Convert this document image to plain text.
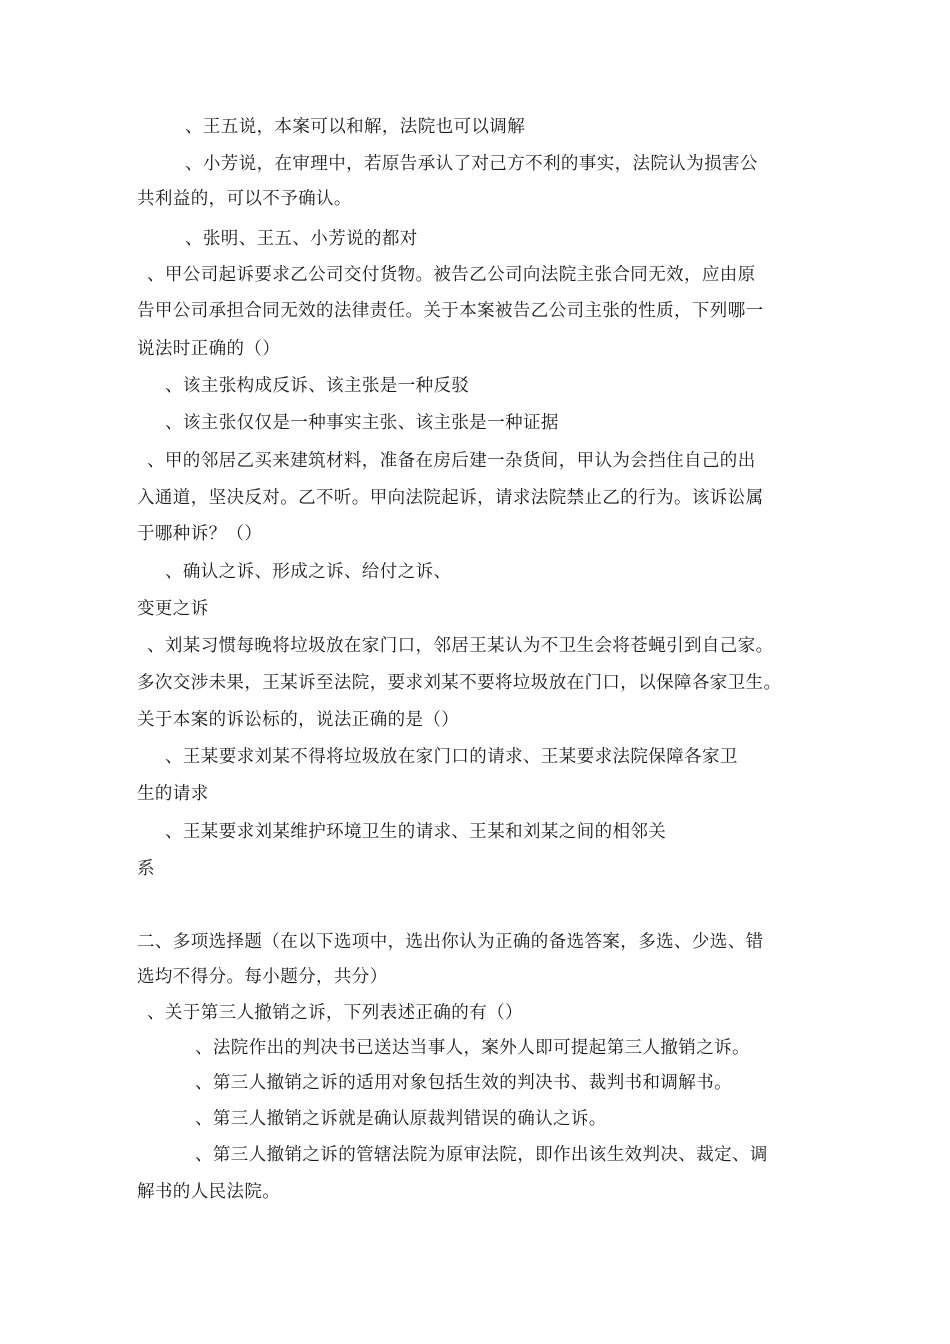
、王五说，本案可以和解，法院也可以调解
、小芳说，在审理中，若原告承认了对己方不利的事实，法院认为损害公
共利益的，可以不予确认。
、张明、王五、小芳说的都对
、甲公司起诉要求乙公司交付货物。被告乙公司向法院主张合同无效，应由原
告甲公司承担合同无效的法律责任。关于本案被告乙公司主张的性质，下列哪一
说法时正确的（）
、该主张构成反诉、该主张是一种反驳
、该主张仅仅是一种事实主张、该主张是一种证据
、甲的邻居乙买来建筑材料，准备在房后建一杂货间，甲认为会挡住自己的出
入通道，坚决反对。乙不听。甲向法院起诉，请求法院禁止乙的行为。该诉讼属
于哪种诉？（）
、确认之诉、形成之诉、给付之诉、
变更之诉
、刘某习惯每晚将垃圾放在家门口，邻居王某认为不卫生会将苍蝇引到自己家。
多次交涉未果，王某诉至法院，要求刘某不要将垃圾放在门口，以保障各家卫生。
关于本案的诉讼标的，说法正确的是（）
、王某要求刘某不得将垃圾放在家门口的请求、王某要求法院保障各家卫
生的请求
、王某要求刘某维护环境卫生的请求、王某和刘某之间的相邻关
系
二、多项选择题（在以下选项中，选出你认为正确的备选答案，多选、少选、错
选均不得分。每小题分，共分）
、关于第三人撤销之诉，下列表述正确的有（）
、法院作出的判决书已送达当事人，案外人即可提起第三人撤销之诉。
、第三人撤销之诉的适用对象包括生效的判决书、裁判书和调解书。
、第三人撤销之诉就是确认原裁判错误的确认之诉。
、第三人撤销之诉的管辖法院为原审法院，即作出该生效判决、裁定、调
解书的人民法院。
